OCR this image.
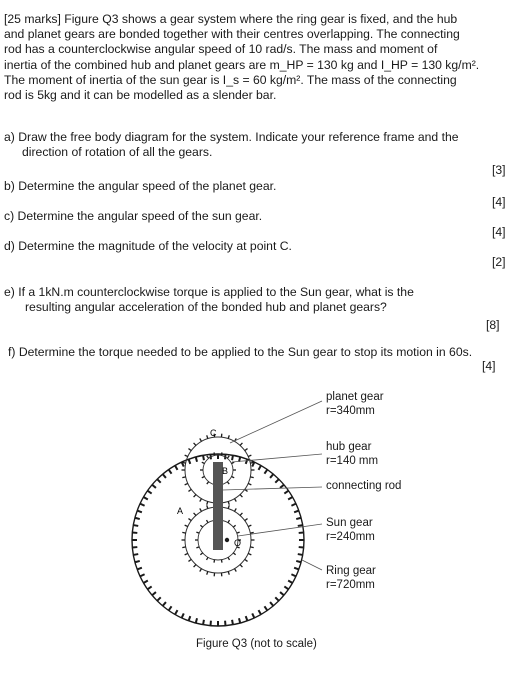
[25 marks] Figure Q3 shows a gear system where the ring gear is fixed, and the hub
and planet gears are bonded together with their centres overlapping. The connecting
rod has a counterclockwise angular speed of 10 rad/s. The mass and moment of
inertia of the combined hub and planet gears are m_HP = 130 kg and I_HP = 130 kg/m².
The moment of inertia of the sun gear is I_s = 60 kg/m². The mass of the connecting
rod is 5kg and it can be modelled as a slender bar.
a) Draw the free body diagram for the system. Indicate your reference frame and the
direction of rotation of all the gears.
[3]
b) Determine the angular speed of the planet gear.
[4]
c) Determine the angular speed of the sun gear.
[4]
d) Determine the magnitude of the velocity at point C.
[2]
e) If a 1kN.m counterclockwise torque is applied to the Sun gear, what is the
resulting angular acceleration of the bonded hub and planet gears?
[8]
f) Determine the torque needed to be applied to the Sun gear to stop its motion in 60s.
[4]
A
B
C
O
planet gear
r=340mm
hub gear
r=140 mm
connecting rod
Sun gear
r=240mm
Ring gear
r=720mm
Figure Q3 (not to scale)
